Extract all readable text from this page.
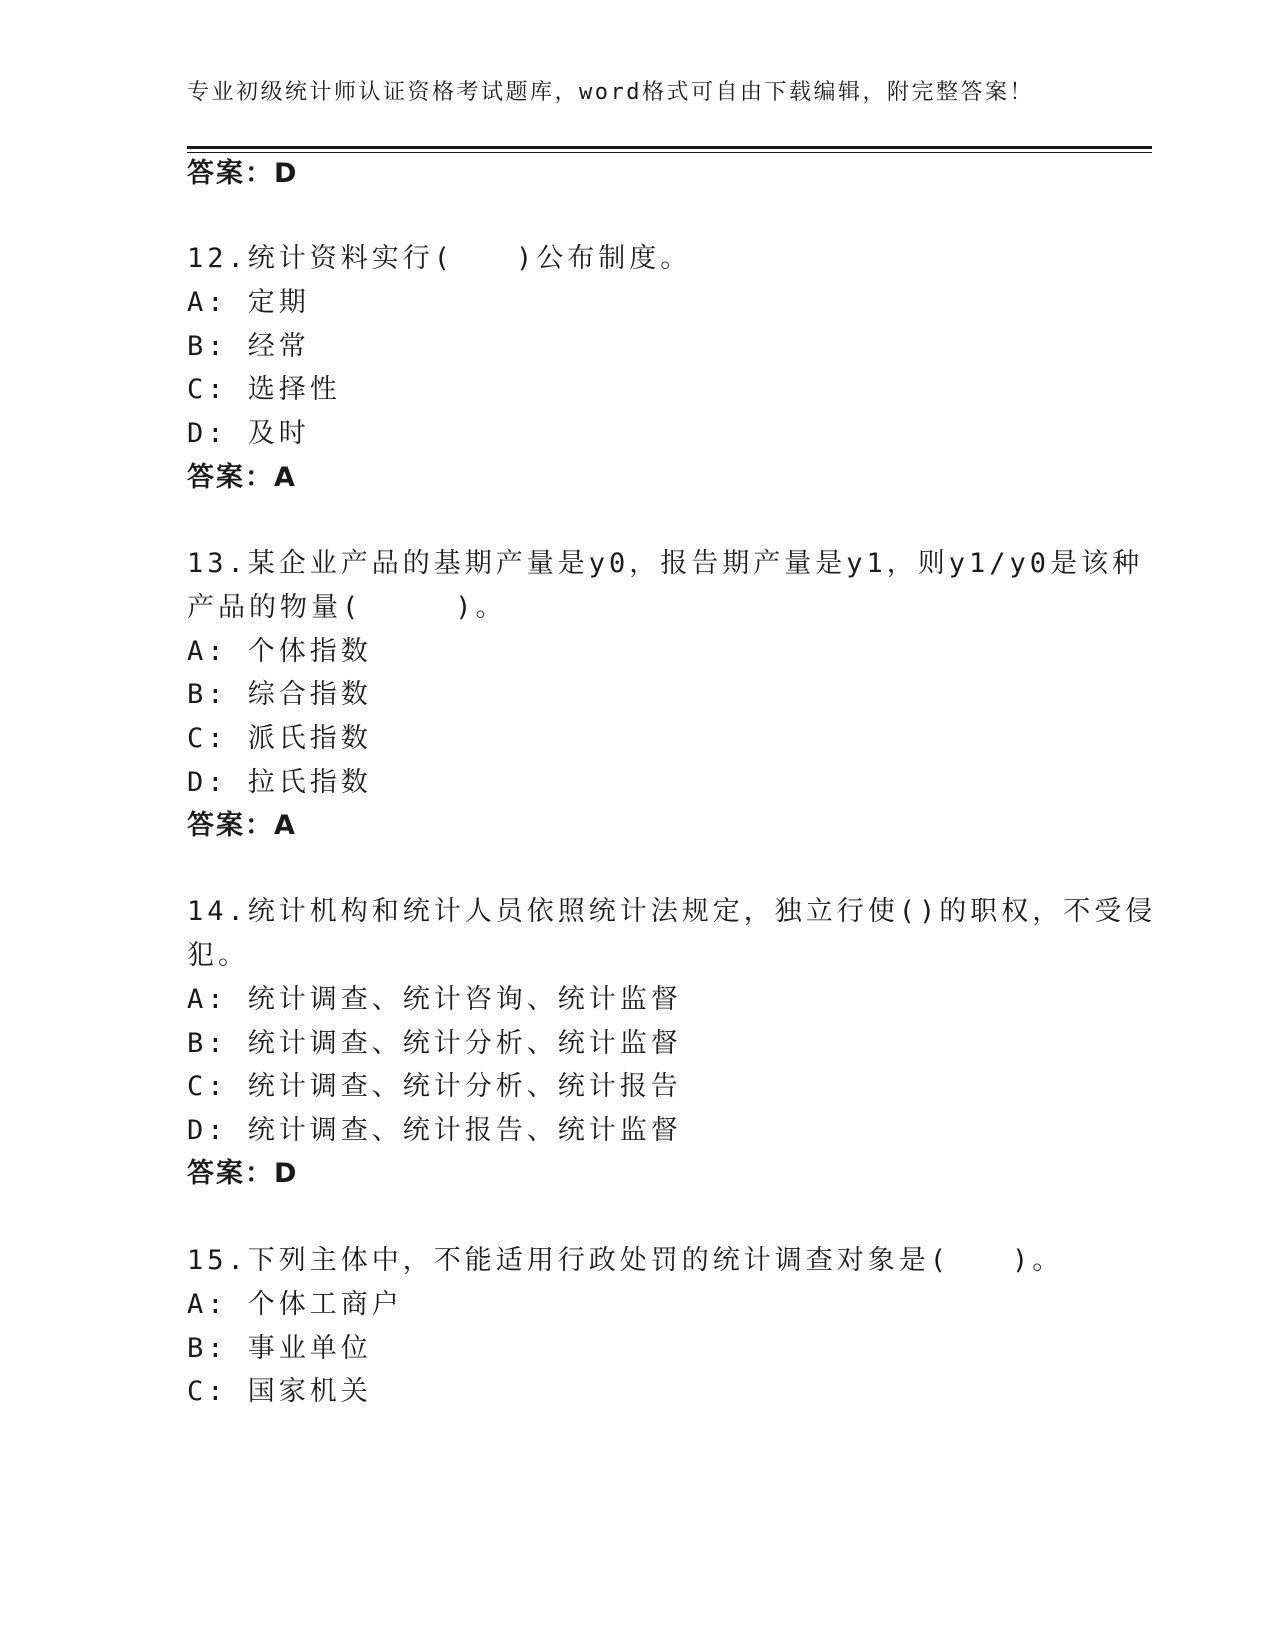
专业初级统计师认证资格考试题库，word格式可自由下载编辑，附完整答案！
答案：D
12.统计资料实行(　　)公布制度。
A: 定期
B: 经常
C: 选择性
D: 及时
答案：A
13.某企业产品的基期产量是y0，报告期产量是y1，则y1/y0是该种
产品的物量(　　　)。
A: 个体指数
B: 综合指数
C: 派氏指数
D: 拉氏指数
答案：A
14.统计机构和统计人员依照统计法规定，独立行使()的职权，不受侵
犯。
A: 统计调查、统计咨询、统计监督
B: 统计调查、统计分析、统计监督
C: 统计调查、统计分析、统计报告
D: 统计调查、统计报告、统计监督
答案：D
15.下列主体中，不能适用行政处罚的统计调查对象是(　　)。
A: 个体工商户
B: 事业单位
C: 国家机关
